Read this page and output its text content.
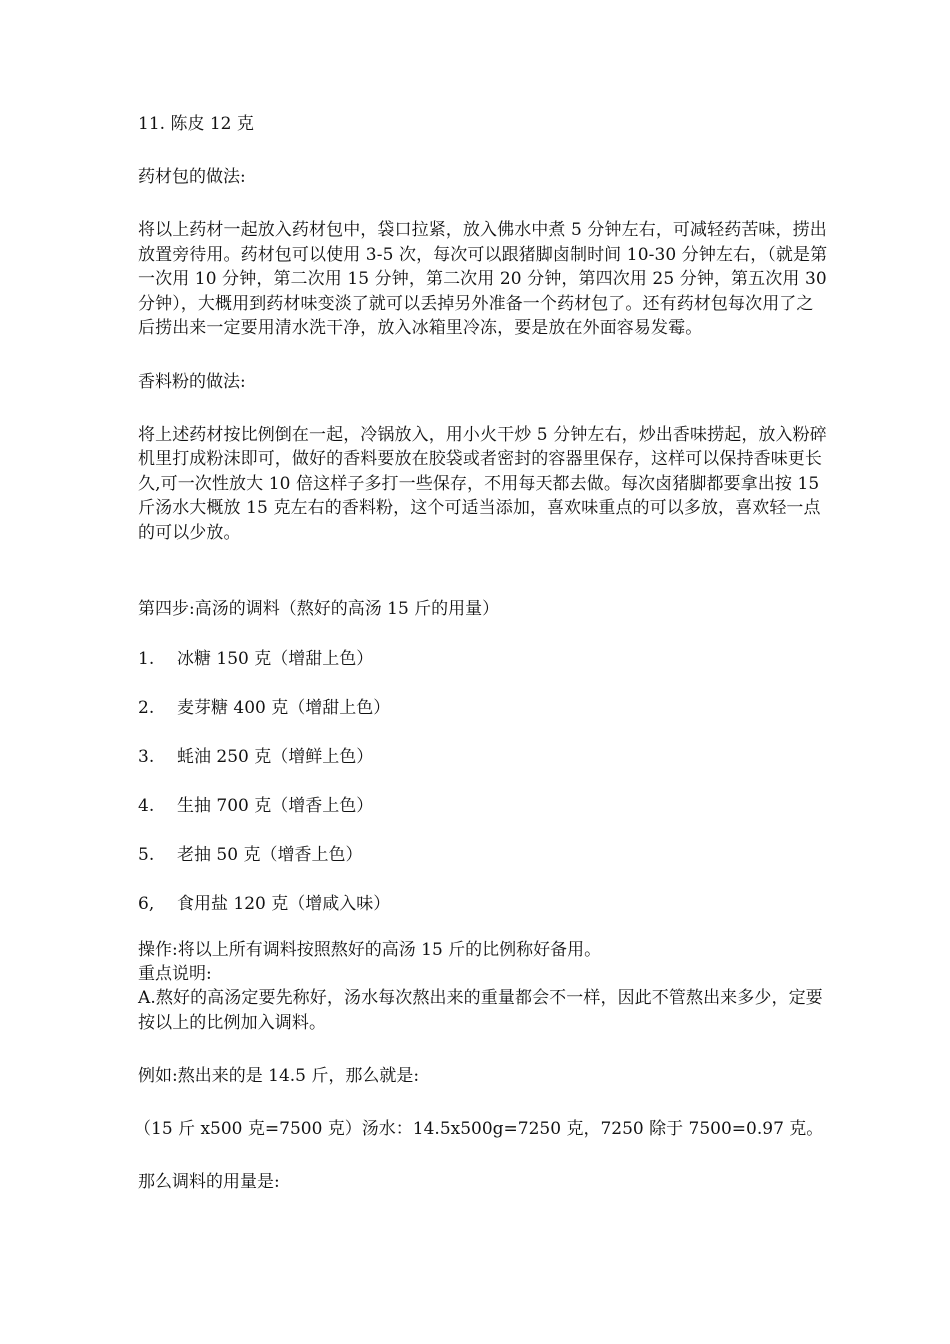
11. 陈皮 12 克
药材包的做法:
将以上药材一起放入药材包中，袋口拉紧，放入佛水中煮 5 分钟左右，可减轻药苦味，捞出放置旁待用。药材包可以使用 3-5 次，每次可以跟猪脚卤制时间 10-30 分钟左右，（就是第一次用 10 分钟，第二次用 15 分钟，第二次用 20 分钟，第四次用 25 分钟，第五次用 30 分钟），大概用到药材味变淡了就可以丢掉另外准备一个药材包了。还有药材包每次用了之后捞出来一定要用清水洗干净，放入冰箱里冷冻，要是放在外面容易发霉。
香料粉的做法:
将上述药材按比例倒在一起，冷锅放入，用小火干炒 5 分钟左右，炒出香味捞起，放入粉碎机里打成粉沫即可，做好的香料要放在胶袋或者密封的容器里保存，这样可以保持香味更长久,可一次性放大 10 倍这样子多打一些保存，不用每天都去做。每次卤猪脚都要拿出按 15 斤汤水大概放 15 克左右的香料粉，这个可适当添加，喜欢味重点的可以多放，喜欢轻一点的可以少放。
第四步:高汤的调料（熬好的高汤 15 斤的用量）
1.	冰糖 150 克（增甜上色）
2.	麦芽糖 400 克（增甜上色）
3.	蚝油 250 克（增鲜上色）
4.	生抽 700 克（增香上色）
5.	老抽 50 克（增香上色）
6,	食用盐 120 克（增咸入味）
操作:将以上所有调料按照熬好的高汤 15 斤的比例称好备用。
重点说明:
A.熬好的高汤定要先称好，汤水每次熬出来的重量都会不一样，因此不管熬出来多少，定要按以上的比例加入调料。
例如:熬出来的是 14.5 斤，那么就是:
（15 斤 x500 克=7500 克）汤水：14.5x500g=7250 克，7250 除于 7500=0.97 克。
那么调料的用量是:
